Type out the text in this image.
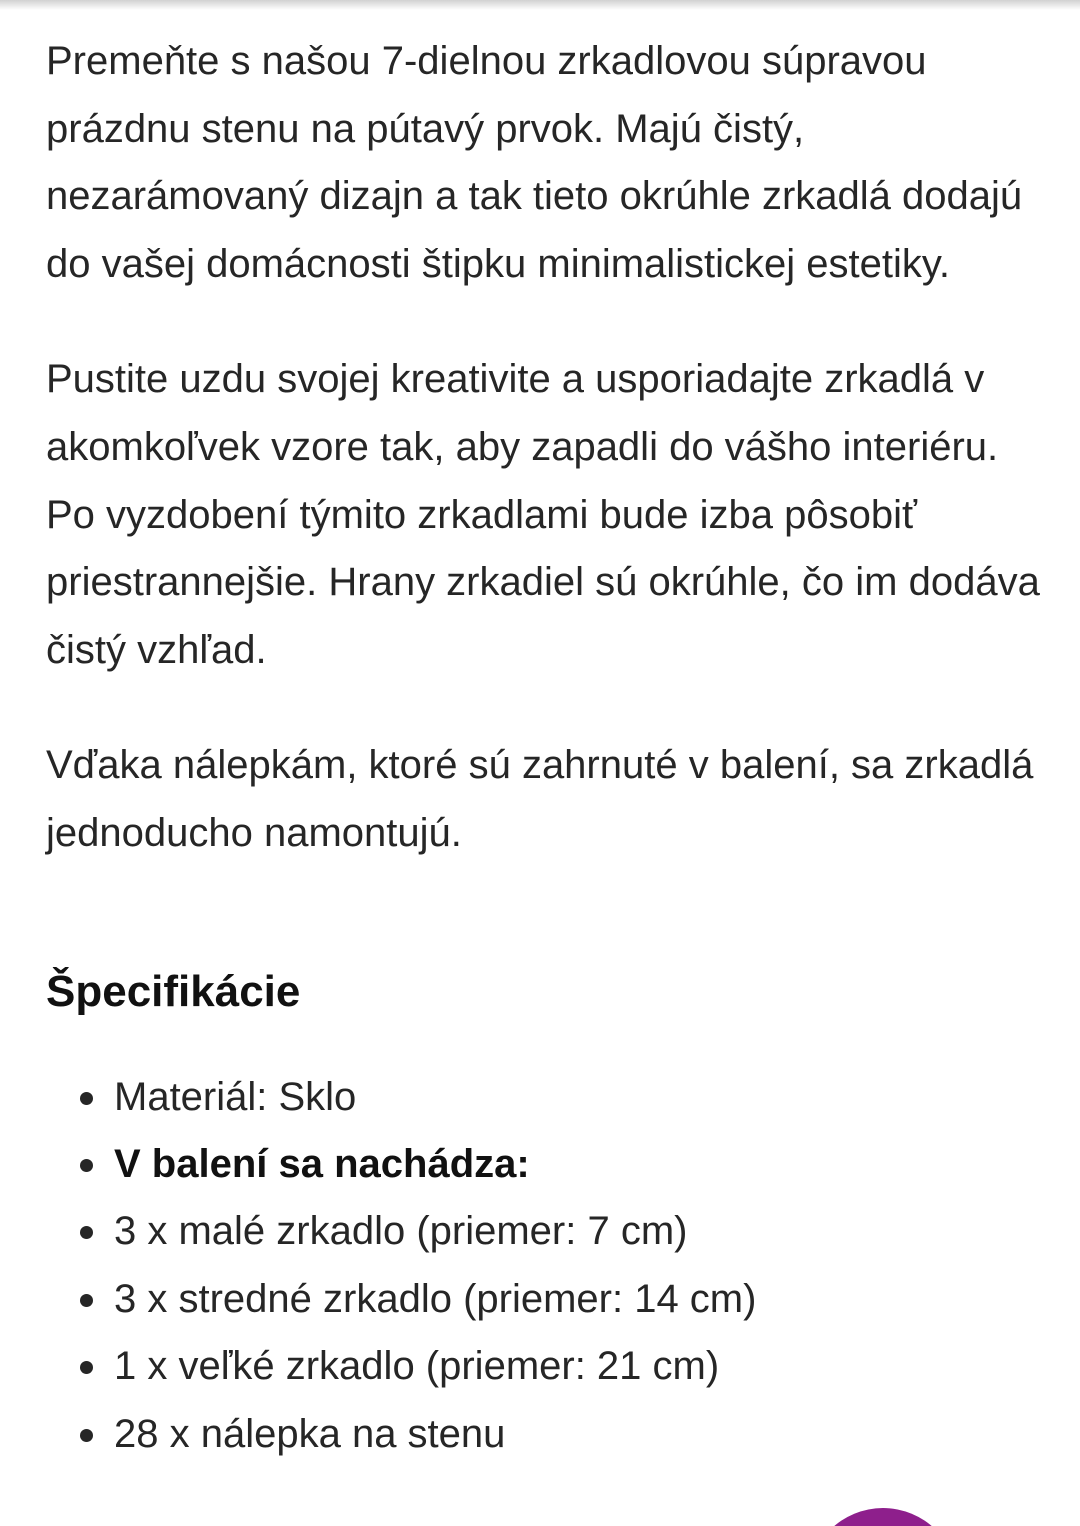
Premeňte s našou 7-dielnou zrkadlovou súpravou prázdnu stenu na pútavý prvok. Majú čistý, nezarámovaný dizajn a tak tieto okrúhle zrkadlá dodajú do vašej domácnosti štipku minimalistickej estetiky.

Pustite uzdu svojej kreativite a usporiadajte zrkadlá v akomkoľvek vzore tak, aby zapadli do vášho interiéru. Po vyzdobení týmito zrkadlami bude izba pôsobiť priestrannejšie. Hrany zrkadiel sú okrúhle, čo im dodáva čistý vzhľad.

Vďaka nálepkám, ktoré sú zahrnuté v balení, sa zrkadlá jednoducho namontujú.

Špecifikácie
Materiál: Sklo
V balení sa nachádza:
3 x malé zrkadlo (priemer: 7 cm)
3 x stredné zrkadlo (priemer: 14 cm)
1 x veľké zrkadlo (priemer: 21 cm)
28 x nálepka na stenu
